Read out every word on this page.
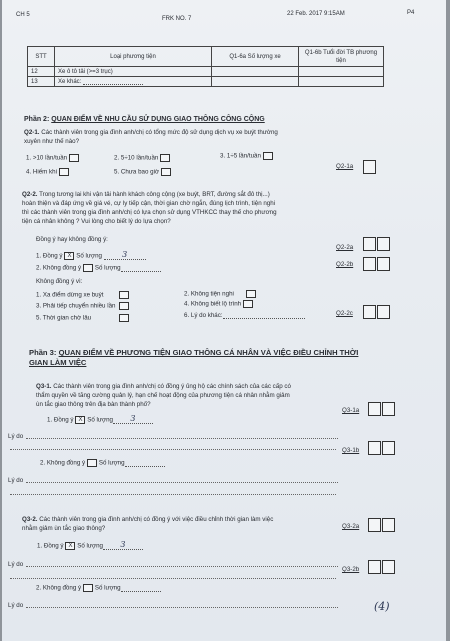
CH 5
FRK NO. 7
22 Feb. 2017 9:15AM	P4
STT	Loại phương tiện	Q1-6a Số lượng xe	Q1-6b Tuổi đời TB phương tiện
12	Xe ô tô tải (>=3 trục)		
13	Xe khác:		
Phần 2: QUAN ĐIỂM VỀ NHU CẦU SỬ DỤNG GIAO THÔNG CÔNG CỘNG
Q2-1. Các thành viên trong gia đình anh/chị có tổng mức độ sử dụng dịch vụ xe buýt thường
xuyên như thế nào?
1. >10 lần/tuần	2. 5÷10 lần/tuần	3. 1÷5 lần/tuần
4. Hiếm khi	5. Chưa bao giờ
Q2-1a
Q2-2. Trong tương lai khi vận tải hành khách công cộng (xe buýt, BRT, đường sắt đô thị...)
hoàn thiện và đáp ứng về giá vé, cự ly tiếp cận, thời gian chờ ngắn, đúng lịch trình, tiện nghi
thì các thành viên trong gia đình anh/chị có lựa chọn sử dụng VTHKCC thay thế cho phương
tiện cá nhân không ? Vui lòng cho biết lý do lựa chọn?
Đồng ý hay không đồng ý:
1. Đồng ý X Số lượng	3
2. Không đồng ý Số lượng
Q2-2a
Q2-2b
Không đồng ý vì:
1. Xa điểm dừng xe buýt
3. Phải tiếp chuyển nhiều lần
5. Thời gian chờ lâu
2. Không tiện nghi
4. Không biết lộ trình
6. Lý do khác:	Q2-2c
Phần 3: QUAN ĐIỂM VỀ PHƯƠNG TIỆN GIAO THÔNG CÁ NHÂN VÀ VIỆC ĐIỀU CHỈNH THỜI
GIAN LÀM VIỆC
Q3-1. Các thành viên trong gia đình anh/chị có đồng ý ủng hộ các chính sách của các cấp có
thẩm quyền về tăng cường quản lý, hạn chế hoạt động của phương tiện cá nhân nhằm giảm
ùn tắc giao thông trên địa bàn thành phố?
1. Đồng ý X Số lượng 3
Q3-1a
Lý do
2. Không đồng ý Số lượng
Q3-1b
Lý do
Q3-2. Các thành viên trong gia đình anh/chị có đồng ý với việc điều chỉnh thời gian làm việc
nhằm giảm ùn tắc giao thông?	Q3-2a
1. Đồng ý X Số lượng 3
Lý do
Q3-2b
2. Không đồng ý Số lượng
Lý do	(4)
